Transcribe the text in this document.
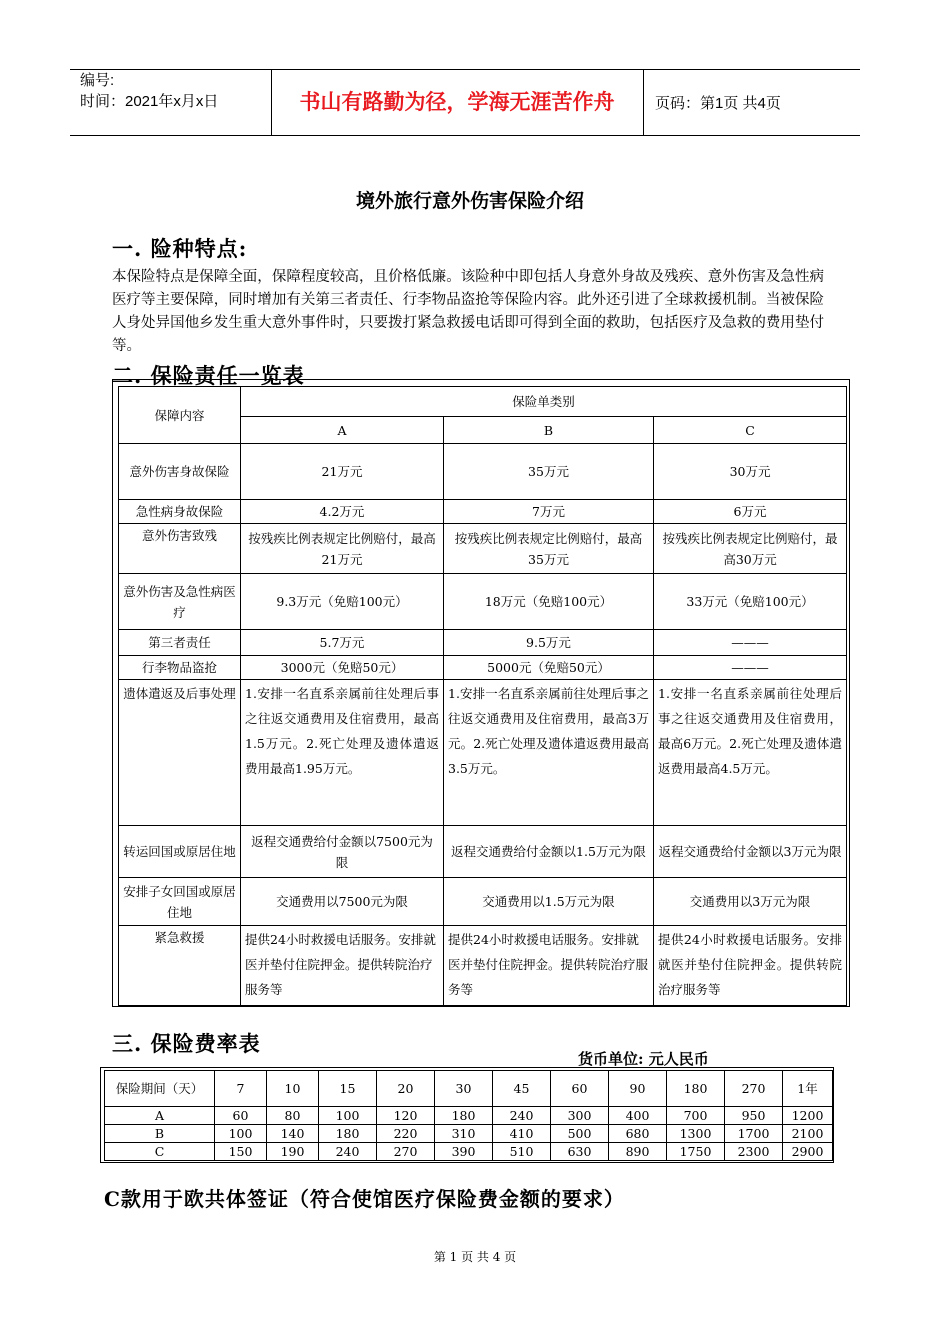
编号:
时间：2021年x月x日	书山有路勤为径，学海无涯苦作舟	页码：第1页 共4页
境外旅行意外伤害保险介绍
一. 险种特点:
本保险特点是保障全面，保障程度较高，且价格低廉。该险种中即包括人身意外身故及残疾、意外伤害及急性病医疗等主要保障，同时增加有关第三者责任、行李物品盗抢等保险内容。此外还引进了全球救援机制。当被保险人身处异国他乡发生重大意外事件时，只要拨打紧急救援电话即可得到全面的救助，包括医疗及急救的费用垫付等。
二. 保险责任一览表
保障内容	保险单类别		
	A	B	C
意外伤害身故保险	21万元	35万元	30万元
急性病身故保险	4.2万元	7万元	6万元
意外伤害致残	按残疾比例表规定比例赔付，最高21万元	按残疾比例表规定比例赔付，最高35万元	按残疾比例表规定比例赔付，最高30万元
意外伤害及急性病医疗	9.3万元（免赔100元）	18万元（免赔100元）	33万元（免赔100元）
第三者责任	5.7万元	9.5万元	———
行李物品盗抢	3000元（免赔50元）	5000元（免赔50元）	———
遗体遣返及后事处理	1.安排一名直系亲属前往处理后事之往返交通费用及住宿费用，最高1.5万元。2.死亡处理及遗体遣返费用最高1.95万元。	1.安排一名直系亲属前往处理后事之往返交通费用及住宿费用，最高3万元。2.死亡处理及遗体遣返费用最高3.5万元。	1.安排一名直系亲属前往处理后事之往返交通费用及住宿费用，最高6万元。2.死亡处理及遗体遣返费用最高4.5万元。
转运回国或原居住地	返程交通费给付金额以7500元为限	返程交通费给付金额以1.5万元为限	返程交通费给付金额以3万元为限
安排子女回国或原居住地	交通费用以7500元为限	交通费用以1.5万元为限	交通费用以3万元为限
紧急救援	提供24小时救援电话服务。安排就医并垫付住院押金。提供转院治疗服务等	提供24小时救援电话服务。安排就医并垫付住院押金。提供转院治疗服务等	提供24小时救援电话服务。安排就医并垫付住院押金。提供转院治疗服务等
三. 保险费率表
货币单位: 元人民币
保险期间（天）	7	10	15	20	30	45	60	90	180	270	1年
A	60	80	100	120	180	240	300	400	700	950	1200
B	100	140	180	220	310	410	500	680	1300	1700	2100
C	150	190	240	270	390	510	630	890	1750	2300	2900
C款用于欧共体签证（符合使馆医疗保险费金额的要求）
第 1 页 共 4 页
